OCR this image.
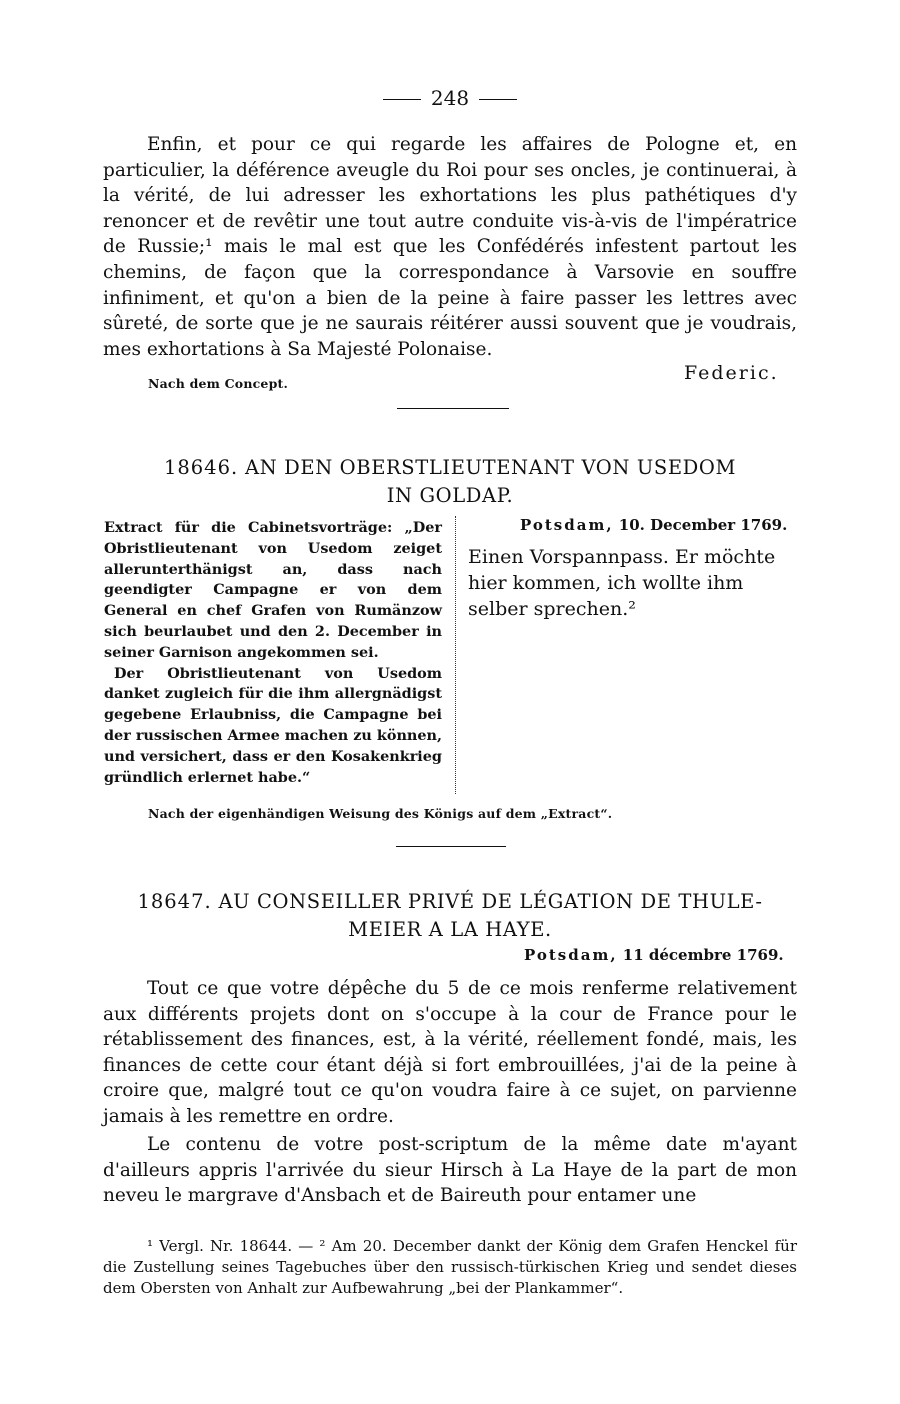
248
Enfin, et pour ce qui regarde les affaires de Pologne et, en particulier, la déférence aveugle du Roi pour ses oncles, je continuerai, à la vérité, de lui adresser les exhortations les plus pathétiques d'y renoncer et de revêtir une tout autre conduite vis-à-vis de l'impératrice de Russie;¹ mais le mal est que les Confédérés infestent partout les chemins, de façon que la correspondance à Varsovie en souffre infiniment, et qu'on a bien de la peine à faire passer les lettres avec sûreté, de sorte que je ne saurais réitérer aussi souvent que je voudrais, mes exhortations à Sa Majesté Polonaise.
Nach dem Concept.	Federic.
18646. AN DEN OBERSTLIEUTENANT VON USEDOM
IN GOLDAP.

Extract für die Cabinetsvorträge: „Der Obristlieutenant von Usedom zeiget allerunterthänigst an, dass nach geendigter Campagne er von dem General en chef Grafen von Rumänzow sich beurlaubet und den 2. December in seiner Garnison angekommen sei.

Der Obristlieutenant von Usedom danket zugleich für die ihm allergnädigst gegebene Erlaubniss, die Campagne bei der russischen Armee machen zu können, und versichert, dass er den Kosakenkrieg gründlich erlernet habe.“

Potsdam, 10. December 1769.
Einen Vorspannpass. Er möchte hier kommen, ich wollte ihm selber sprechen.²
Nach der eigenhändigen Weisung des Königs auf dem „Extract“.
18647. AU CONSEILLER PRIVÉ DE LÉGATION DE THULE-
MEIER A LA HAYE.
Potsdam, 11 décembre 1769.
Tout ce que votre dépêche du 5 de ce mois renferme relativement aux différents projets dont on s'occupe à la cour de France pour le rétablissement des finances, est, à la vérité, réellement fondé, mais, les finances de cette cour étant déjà si fort embrouillées, j'ai de la peine à croire que, malgré tout ce qu'on voudra faire à ce sujet, on parvienne jamais à les remettre en ordre.
Le contenu de votre post-scriptum de la même date m'ayant d'ailleurs appris l'arrivée du sieur Hirsch à La Haye de la part de mon neveu le margrave d'Ansbach et de Baireuth pour entamer une
¹ Vergl. Nr. 18644. — ² Am 20. December dankt der König dem Grafen Henckel für die Zustellung seines Tagebuches über den russisch-türkischen Krieg und sendet dieses dem Obersten von Anhalt zur Aufbewahrung „bei der Plankammer“.
